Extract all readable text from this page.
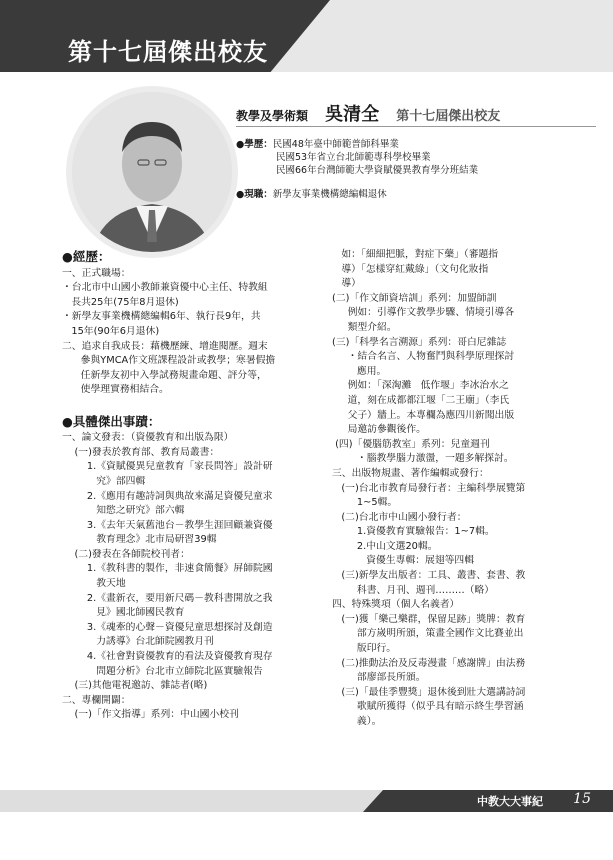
第十七屆傑出校友
教學及學術類 吳清全 第十七屆傑出校友
●學歷：民國48年臺中師範普師科畢業
民國53年省立台北師範專科學校畢業
民國66年台灣師範大學資賦優異教育學分班結業
●現職：新學友事業機構總編輯退休
●經歷：
一、正式職場：
・台北市中山國小教師兼資優中心主任、特教組
長共25年(75年8月退休)
・新學友事業機構總編輯6年、執行長9年，共
15年(90年6月退休)
二、追求自我成長：藉機歷練、增進閱歷。週末
參與YMCA作文班課程設計或教學；寒暑假擔
任新學友初中入學試務規畫命題、評分等，
使學理實務相結合。

●具體傑出事蹟：
一、論文發表：（資優教育和出版為限）
(一)發表於教育部、教育局叢書：
1.《資賦優異兒童教育「家長問答」設計研
究》部四輯
2.《應用有趣詩詞與典故來滿足資優兒童求
知慾之研究》部六輯
3.《去年天氣舊池台－教學生涯回顧兼資優
教育理念》北市局研習39輯
(二)發表在各師院校刊者：
1.《教科書的製作，非速食簡餐》屏師院國
教天地
2.《畫新衣，要用新尺碼－教科書開放之我
見》國北師國民教育
3.《魂牽的心聲－資優兒童思想探討及創造
力誘導》台北師院國教月刊
4.《社會對資優教育的看法及資優教育現存
問題分析》台北市立師院北區實驗報告
(三)其他電視邀訪、雜誌者(略)
二、專欄開闢：
(一)「作文指導」系列：中山國小校刊
如：「細細把脈，對症下藥」（審題指
導）「怎樣穿紅戴綠」（文句化妝指
導）
(二)「作文師資培訓」系列：加盟師訓
例如：引導作文教學步驟、情境引導各
類型介紹。
(三)「科學名言溯源」系列：哥白尼雜誌
・結合名言、人物奮鬥與科學原理探討
應用。
例如：「深淘灘   低作堰」李冰治水之
道，刻在成都都江堰「二王廟」（李氏
父子）牆上。本專欄為應四川新聞出版
局邀訪參觀後作。
(四)「優腦筋教室」系列：兒童週刊
・腦教學腦力激盪，一題多解探討。
三、出版物規畫、著作編輯或發行：
(一)台北市教育局發行者：主編科學展覽第
1~5輯。
(二)台北市中山國小發行者：
1.資優教育實驗報告：1~7輯。
2.中山文選20輯。
資優生專輯：展翅等四輯
(三)新學友出版者：工具、叢書、套書、教
科書、月刊、週刊………（略）
四、特殊獎項（個人名義者）
(一)獲「樂己樂群，保留足跡」獎牌：教育
部方嵗明所頒，策畫全國作文比賽並出
版印行。
(二)推動法治及反毒漫畫「感謝牌」由法務
部廖部長所頒。
(三)「最佳季豐獎」退休後到壯大選講詩詞
歌賦所獲得（似乎具有暗示終生學習涵
義）。
中教大大事紀 15
